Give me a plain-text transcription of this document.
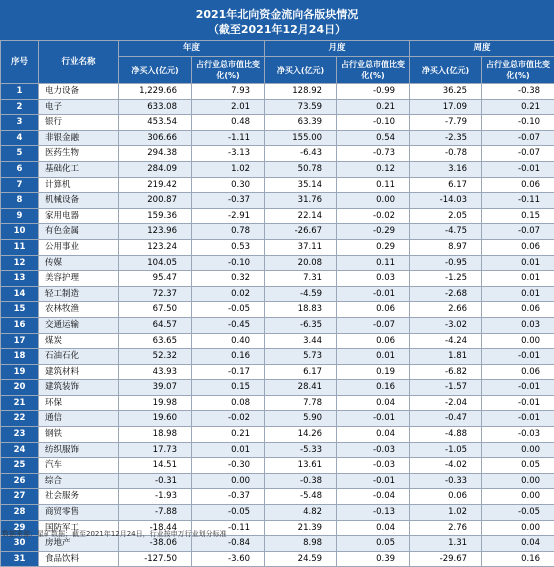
2021年北向资金流向各版块情况
（截至2021年12月24日）
序号	行业名称	年度		月度		周度	
		净买入(亿元)	占行业总市值比变化(%)	净买入(亿元)	占行业总市值比变化(%)	净买入(亿元)	占行业总市值比变化(%)
1	电力设备	1,229.66	7.93	128.92	-0.99	36.25	-0.38
2	电子	633.08	2.01	73.59	0.21	17.09	0.21
3	银行	453.54	0.48	63.39	-0.10	-7.79	-0.10
4	非银金融	306.66	-1.11	155.00	0.54	-2.35	-0.07
5	医药生物	294.38	-3.13	-6.43	-0.73	-0.78	-0.07
6	基础化工	284.09	1.02	50.78	0.12	3.16	-0.01
7	计算机	219.42	0.30	35.14	0.11	6.17	0.06
8	机械设备	200.87	-0.37	31.76	0.00	-14.03	-0.11
9	家用电器	159.36	-2.91	22.14	-0.02	2.05	0.15
10	有色金属	123.96	0.78	-26.67	-0.29	-4.75	-0.07
11	公用事业	123.24	0.53	37.11	0.29	8.97	0.06
12	传媒	104.05	-0.10	20.08	0.11	-0.95	0.01
13	美容护理	95.47	0.32	7.31	0.03	-1.25	0.01
14	轻工制造	72.37	0.02	-4.59	-0.01	-2.68	0.01
15	农林牧渔	67.50	-0.05	18.83	0.06	2.66	0.06
16	交通运输	64.57	-0.45	-6.35	-0.07	-3.02	0.03
17	煤炭	63.65	0.40	3.44	0.06	-4.24	0.00
18	石油石化	52.32	0.16	5.73	0.01	1.81	-0.01
19	建筑材料	43.93	-0.17	6.17	0.19	-6.82	0.06
20	建筑装饰	39.07	0.15	28.41	0.16	-1.57	-0.01
21	环保	19.98	0.08	7.78	0.04	-2.04	-0.01
22	通信	19.60	-0.02	5.90	-0.01	-0.47	-0.01
23	钢铁	18.98	0.21	14.26	0.04	-4.88	-0.03
24	纺织服饰	17.73	0.01	-5.33	-0.03	-1.05	0.00
25	汽车	14.51	-0.30	13.61	-0.03	-4.02	0.05
26	综合	-0.31	0.00	-0.38	-0.01	-0.33	0.00
27	社会服务	-1.93	-0.37	-5.48	-0.04	0.06	0.00
28	商贸零售	-7.88	-0.05	4.82	-0.13	1.02	-0.05
29	国防军工	-18.44	-0.11	21.39	0.04	2.76	0.00
30	房地产	-38.06	-0.84	8.98	0.05	1.31	0.04
31	食品饮料	-127.50	-3.60	24.59	0.39	-29.67	0.16
数据来源：星矿数据；截至2021年12月24日，行业按申万行业划分标准
